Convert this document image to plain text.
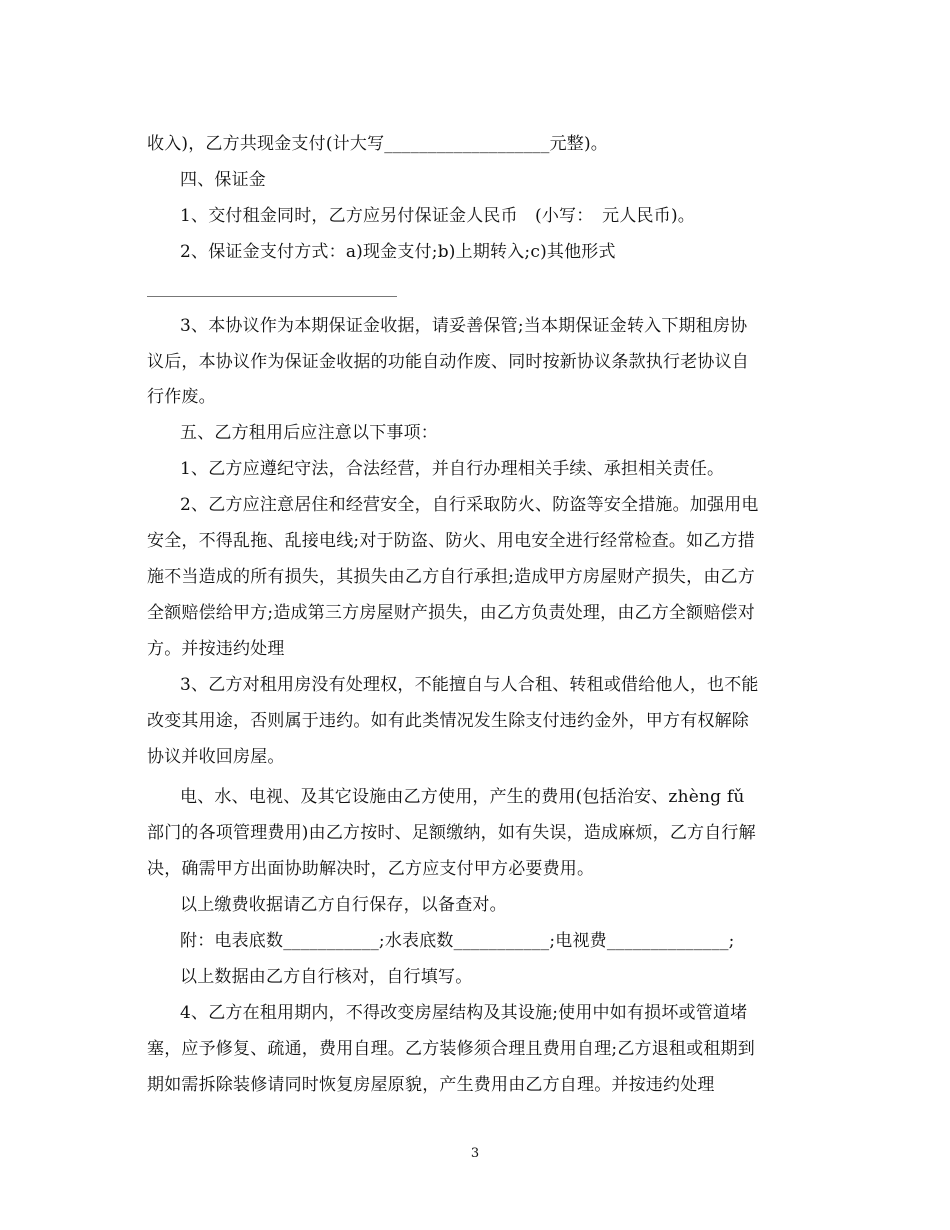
收入)，乙方共现金支付(计大写___________________元整)。
四、保证金
1、交付租金同时，乙方应另付保证金人民币　(小写：　元人民币)。
2、保证金支付方式：a)现金支付;b)上期转入;c)其他形式
3、本协议作为本期保证金收据，请妥善保管;当本期保证金转入下期租房协
议后，本协议作为保证金收据的功能自动作废、同时按新协议条款执行老协议自
行作废。
五、乙方租用后应注意以下事项：
1、乙方应遵纪守法，合法经营，并自行办理相关手续、承担相关责任。
2、乙方应注意居住和经营安全，自行采取防火、防盗等安全措施。加强用电
安全，不得乱拖、乱接电线;对于防盗、防火、用电安全进行经常检查。如乙方措
施不当造成的所有损失，其损失由乙方自行承担;造成甲方房屋财产损失，由乙方
全额赔偿给甲方;造成第三方房屋财产损失，由乙方负责处理，由乙方全额赔偿对
方。并按违约处理
3、乙方对租用房没有处理权，不能擅自与人合租、转租或借给他人，也不能
改变其用途，否则属于违约。如有此类情况发生除支付违约金外，甲方有权解除
协议并收回房屋。
电、水、电视、及其它设施由乙方使用，产生的费用(包括治安、zhèng fǔ
部门的各项管理费用)由乙方按时、足额缴纳，如有失误，造成麻烦，乙方自行解
决，确需甲方出面协助解决时，乙方应支付甲方必要费用。
以上缴费收据请乙方自行保存，以备查对。
附：电表底数___________;水表底数___________;电视费______________;
以上数据由乙方自行核对，自行填写。
4、乙方在租用期内，不得改变房屋结构及其设施;使用中如有损坏或管道堵
塞，应予修复、疏通，费用自理。乙方装修须合理且费用自理;乙方退租或租期到
期如需拆除装修请同时恢复房屋原貌，产生费用由乙方自理。并按违约处理
3
